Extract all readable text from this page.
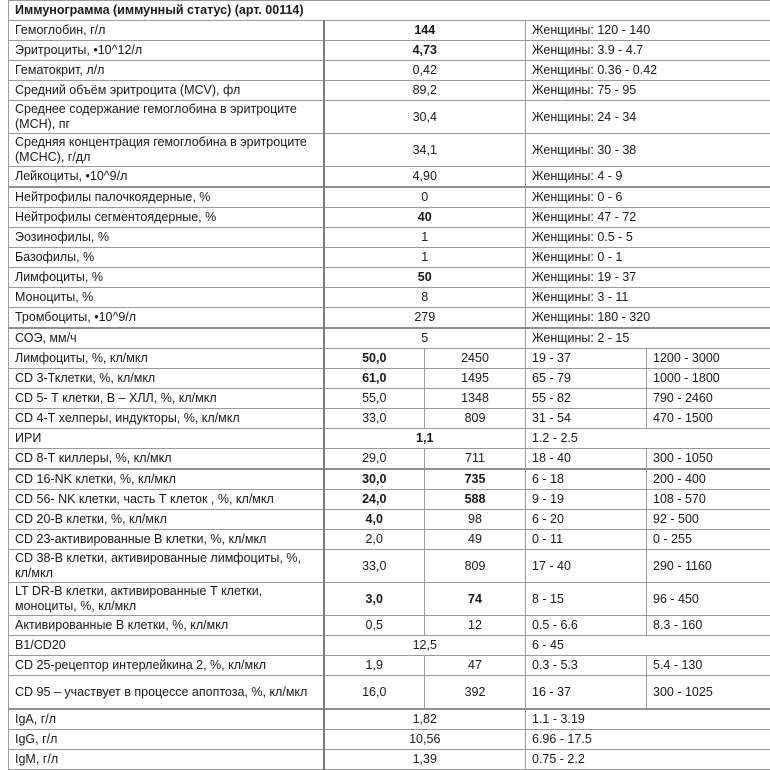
Иммунограмма (иммунный статус) (арт. 00114)				
Гемоглобин, г/л	144		Женщины: 120 - 140	
Эритроциты, •10^12/л	4,73		Женщины: 3.9 - 4.7	
Гематокрит, л/л	0,42		Женщины: 0.36 - 0.42	
Средний объём эритроцита (MCV), фл	89,2		Женщины: 75 - 95	
Среднее содержание гемоглобина в эритроците (MCH), пг	30,4		Женщины: 24 - 34	
Средняя концентрация гемоглобина в эритроците (MCHC), г/дл	34,1		Женщины: 30 - 38	
Лейкоциты, •10^9/л	4,90		Женщины: 4 - 9	
Нейтрофилы палочкоядерные, %	0		Женщины: 0 - 6	
Нейтрофилы сегментоядерные, %	40		Женщины: 47 - 72	
Эозинофилы, %	1		Женщины: 0.5 - 5	
Базофилы, %	1		Женщины: 0 - 1	
Лимфоциты, %	50		Женщины: 19 - 37	
Моноциты, %	8		Женщины: 3 - 11	
Тромбоциты, •10^9/л	279		Женщины: 180 - 320	
СОЭ, мм/ч	5		Женщины: 2 - 15	
Лимфоциты, %, кл/мкл	50,0	2450	19 - 37	1200 - 3000
CD 3-Тклетки, %, кл/мкл	61,0	1495	65 - 79	1000 - 1800
CD 5- Т клетки, В – ХЛЛ, %, кл/мкл	55,0	1348	55 - 82	790 - 2460
CD 4-Т хелперы, индукторы, %, кл/мкл	33,0	809	31 - 54	470 - 1500
ИРИ	1,1		1.2 - 2.5	
CD 8-Т киллеры, %, кл/мкл	29,0	711	18 - 40	300 - 1050
CD 16-NK клетки, %, кл/мкл	30,0	735	6 - 18	200 - 400
CD 56- NK клетки, часть Т клеток , %, кл/мкл	24,0	588	9 - 19	108 - 570
CD 20-В клетки, %, кл/мкл	4,0	98	6 - 20	92 - 500
CD 23-активированные В клетки, %, кл/мкл	2,0	49	0 - 11	0 - 255
CD 38-В клетки, активированные лимфоциты, %, кл/мкл	33,0	809	17 - 40	290 - 1160
LT DR-В клетки, активированные Т клетки, моноциты, %, кл/мкл	3,0	74	8 - 15	96 - 450
Активированные В клетки, %, кл/мкл	0,5	12	0.5 - 6.6	8.3 - 160
B1/CD20	12,5		6 - 45	
CD 25-рецептор интерлейкина 2, %, кл/мкл	1,9	47	0.3 - 5.3	5.4 - 130
CD 95 – участвует в процессе апоптоза, %, кл/мкл	16,0	392	16 - 37	300 - 1025
IgA, г/л	1,82		1.1 - 3.19	
IgG, г/л	10,56		6.96 - 17.5	
IgM, г/л	1,39		0.75 - 2.2	
